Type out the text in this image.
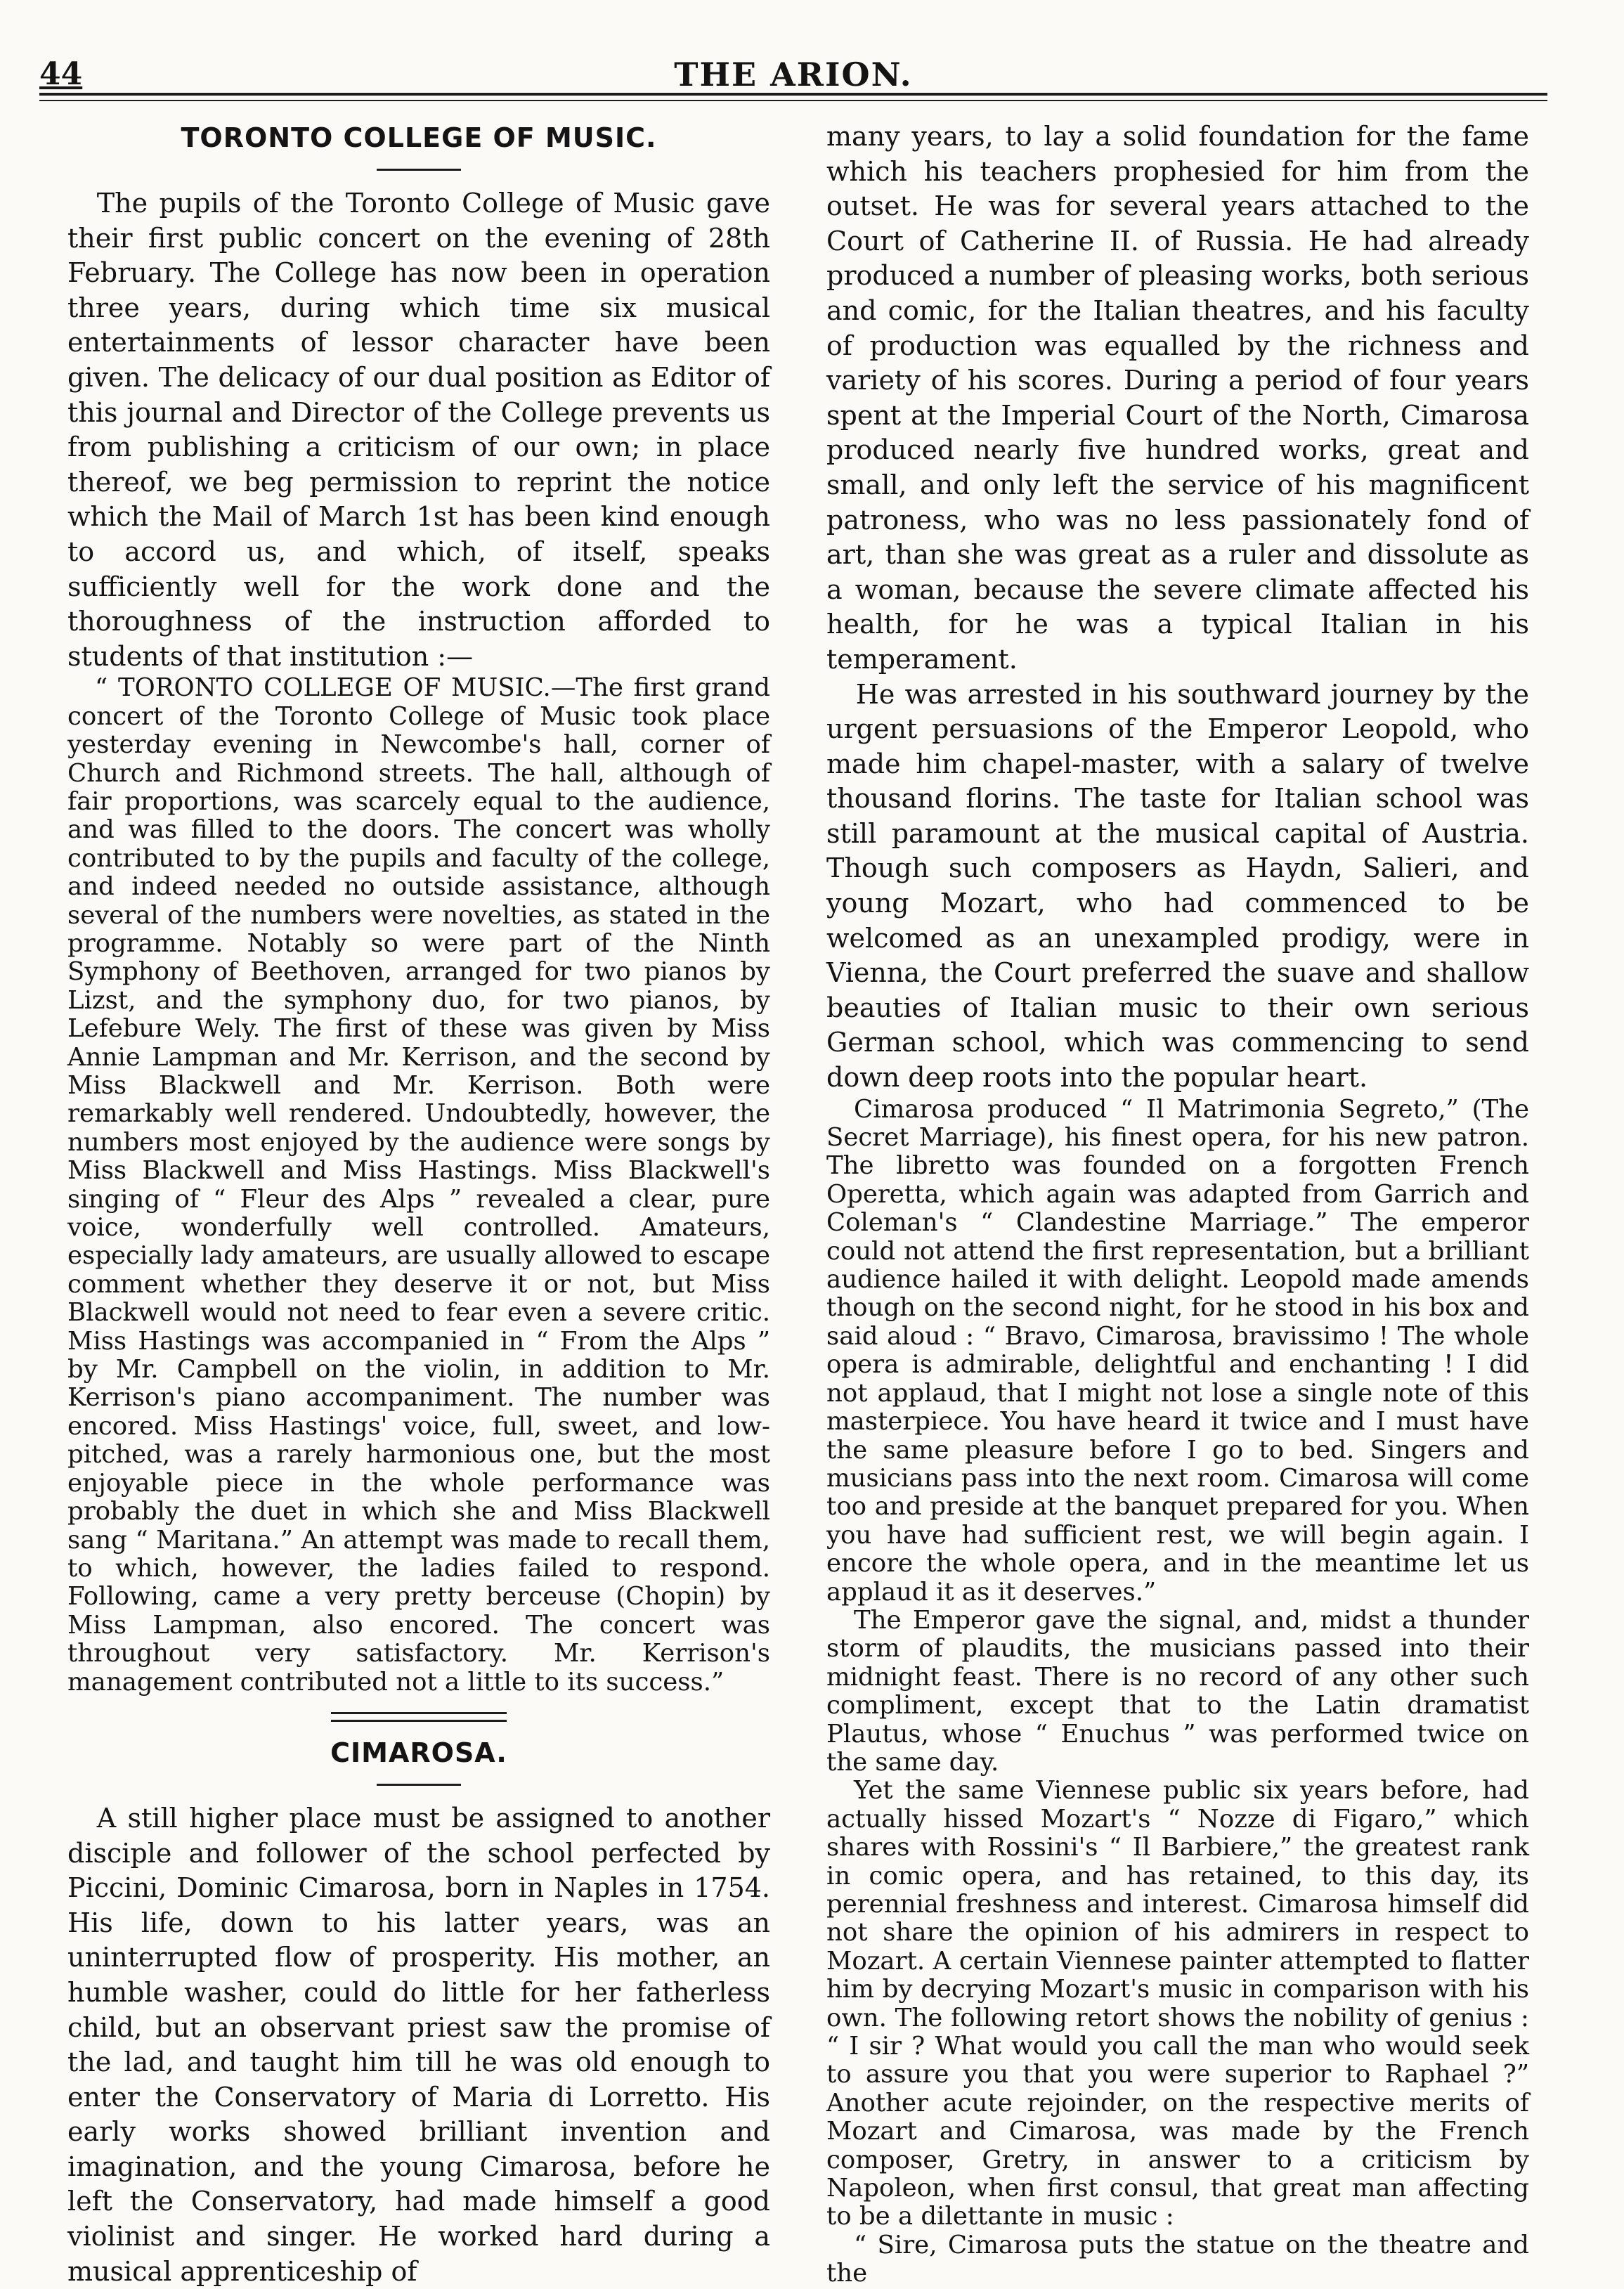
44	THE ARION.
TORONTO COLLEGE OF MUSIC.

The pupils of the Toronto College of Music gave their first public concert on the evening of 28th February. The College has now been in operation three years, during which time six musical entertainments of lessor character have been given. The delicacy of our dual position as Editor of this journal and Director of the College prevents us from publishing a criticism of our own; in place thereof, we beg permission to reprint the notice which the Mail of March 1st has been kind enough to accord us, and which, of itself, speaks sufficiently well for the work done and the thoroughness of the instruction afforded to students of that institution :—

“ TORONTO COLLEGE OF MUSIC.—The first grand concert of the Toronto College of Music took place yesterday evening in Newcombe's hall, corner of Church and Richmond streets. The hall, although of fair proportions, was scarcely equal to the audience, and was filled to the doors. The concert was wholly contributed to by the pupils and faculty of the college, and indeed needed no outside assistance, although several of the numbers were novelties, as stated in the programme. Notably so were part of the Ninth Symphony of Beethoven, arranged for two pianos by Lizst, and the symphony duo, for two pianos, by Lefebure Wely. The first of these was given by Miss Annie Lampman and Mr. Kerrison, and the second by Miss Blackwell and Mr. Kerrison. Both were remarkably well rendered. Undoubtedly, however, the numbers most enjoyed by the audience were songs by Miss Blackwell and Miss Hastings. Miss Blackwell's singing of “ Fleur des Alps ” revealed a clear, pure voice, wonderfully well controlled. Amateurs, especially lady amateurs, are usually allowed to escape comment whether they deserve it or not, but Miss Blackwell would not need to fear even a severe critic. Miss Hastings was accompanied in “ From the Alps ” by Mr. Campbell on the violin, in addition to Mr. Kerrison's piano accompaniment. The number was encored. Miss Hastings' voice, full, sweet, and low-pitched, was a rarely harmonious one, but the most enjoyable piece in the whole performance was probably the duet in which she and Miss Blackwell sang “ Maritana.” An attempt was made to recall them, to which, however, the ladies failed to respond. Following, came a very pretty berceuse (Chopin) by Miss Lampman, also encored. The concert was throughout very satisfactory. Mr. Kerrison's management contributed not a little to its success.”

CIMAROSA.

A still higher place must be assigned to another disciple and follower of the school perfected by Piccini, Dominic Cimarosa, born in Naples in 1754. His life, down to his latter years, was an uninterrupted flow of prosperity. His mother, an humble washer, could do little for her fatherless child, but an observant priest saw the promise of the lad, and taught him till he was old enough to enter the Conservatory of Maria di Lorretto. His early works showed brilliant invention and imagination, and the young Cimarosa, before he left the Conservatory, had made himself a good violinist and singer. He worked hard during a musical apprenticeship of

many years, to lay a solid foundation for the fame which his teachers prophesied for him from the outset. He was for several years attached to the Court of Catherine II. of Russia. He had already produced a number of pleasing works, both serious and comic, for the Italian theatres, and his faculty of production was equalled by the richness and variety of his scores. During a period of four years spent at the Imperial Court of the North, Cimarosa produced nearly five hundred works, great and small, and only left the service of his magnificent patroness, who was no less passionately fond of art, than she was great as a ruler and dissolute as a woman, because the severe climate affected his health, for he was a typical Italian in his temperament.

He was arrested in his southward journey by the urgent persuasions of the Emperor Leopold, who made him chapel-master, with a salary of twelve thousand florins. The taste for Italian school was still paramount at the musical capital of Austria. Though such composers as Haydn, Salieri, and young Mozart, who had commenced to be welcomed as an unexampled prodigy, were in Vienna, the Court preferred the suave and shallow beauties of Italian music to their own serious German school, which was commencing to send down deep roots into the popular heart.

Cimarosa produced “ Il Matrimonia Segreto,” (The Secret Marriage), his finest opera, for his new patron. The libretto was founded on a forgotten French Operetta, which again was adapted from Garrich and Coleman's “ Clandestine Marriage.” The emperor could not attend the first representation, but a brilliant audience hailed it with delight. Leopold made amends though on the second night, for he stood in his box and said aloud : “ Bravo, Cimarosa, bravissimo ! The whole opera is admirable, delightful and enchanting ! I did not applaud, that I might not lose a single note of this masterpiece. You have heard it twice and I must have the same pleasure before I go to bed. Singers and musicians pass into the next room. Cimarosa will come too and preside at the banquet prepared for you. When you have had sufficient rest, we will begin again. I encore the whole opera, and in the meantime let us applaud it as it deserves.”

The Emperor gave the signal, and, midst a thunder storm of plaudits, the musicians passed into their midnight feast. There is no record of any other such compliment, except that to the Latin dramatist Plautus, whose “ Enuchus ” was performed twice on the same day.

Yet the same Viennese public six years before, had actually hissed Mozart's “ Nozze di Figaro,” which shares with Rossini's “ Il Barbiere,” the greatest rank in comic opera, and has retained, to this day, its perennial freshness and interest. Cimarosa himself did not share the opinion of his admirers in respect to Mozart. A certain Viennese painter attempted to flatter him by decrying Mozart's music in comparison with his own. The following retort shows the nobility of genius : “ I sir ? What would you call the man who would seek to assure you that you were superior to Raphael ?” Another acute rejoinder, on the respective merits of Mozart and Cimarosa, was made by the French composer, Gretry, in answer to a criticism by Napoleon, when first consul, that great man affecting to be a dilettante in music :

“ Sire, Cimarosa puts the statue on the theatre and the
